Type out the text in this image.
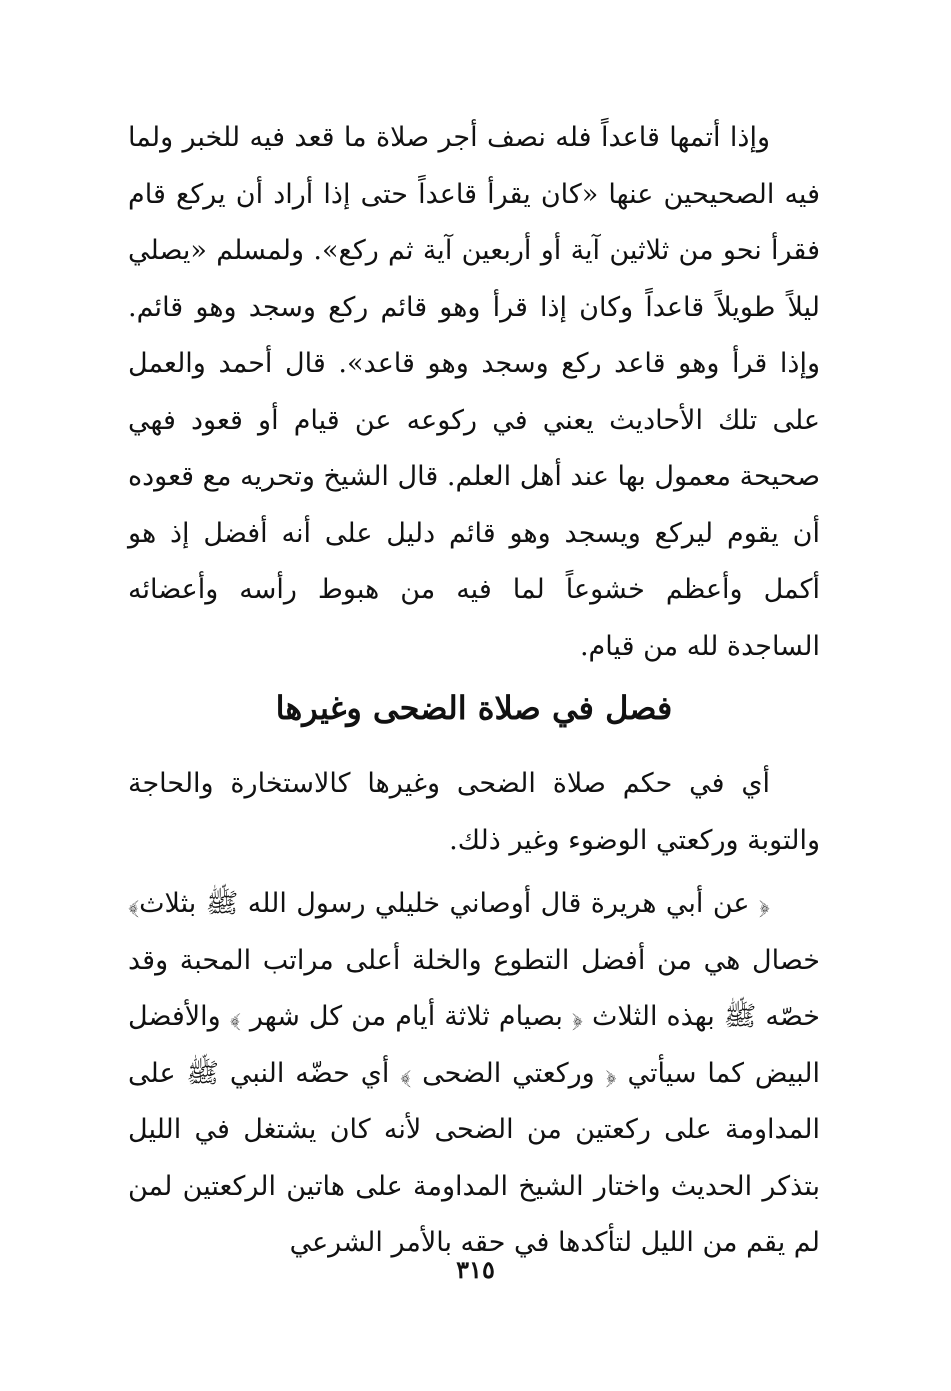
وإذا أتمها قاعداً فله نصف أجر صلاة ما قعد فيه للخبر ولما فيه الصحيحين عنها «كان يقرأ قاعداً حتى إذا أراد أن يركع قام فقرأ نحو من ثلاثين آية أو أربعين آية ثم ركع». ولمسلم «يصلي ليلاً طويلاً قاعداً وكان إذا قرأ وهو قائم ركع وسجد وهو قائم. وإذا قرأ وهو قاعد ركع وسجد وهو قاعد». قال أحمد والعمل على تلك الأحاديث يعني في ركوعه عن قيام أو قعود فهي صحيحة معمول بها عند أهل العلم. قال الشيخ وتحريه مع قعوده أن يقوم ليركع ويسجد وهو قائم دليل على أنه أفضل إذ هو أكمل وأعظم خشوعاً لما فيه من هبوط رأسه وأعضائه الساجدة لله من قيام.

فصل في صلاة الضحى وغيرها

أي في حكم صلاة الضحى وغيرها كالاستخارة والحاجة والتوبة وركعتي الوضوء وغير ذلك.

﴿ عن أبي هريرة قال أوصاني خليلي رسول الله ﷺ بثلاث﴾ خصال هي من أفضل التطوع والخلة أعلى مراتب المحبة وقد خصّه ﷺ بهذه الثلاث ﴿ بصيام ثلاثة أيام من كل شهر ﴾ والأفضل البيض كما سيأتي ﴿ وركعتي الضحى ﴾ أي حضّه النبي ﷺ على المداومة على ركعتين من الضحى لأنه كان يشتغل في الليل بتذكر الحديث واختار الشيخ المداومة على هاتين الركعتين لمن لم يقم من الليل لتأكدها في حقه بالأمر الشرعي

٣١٥
